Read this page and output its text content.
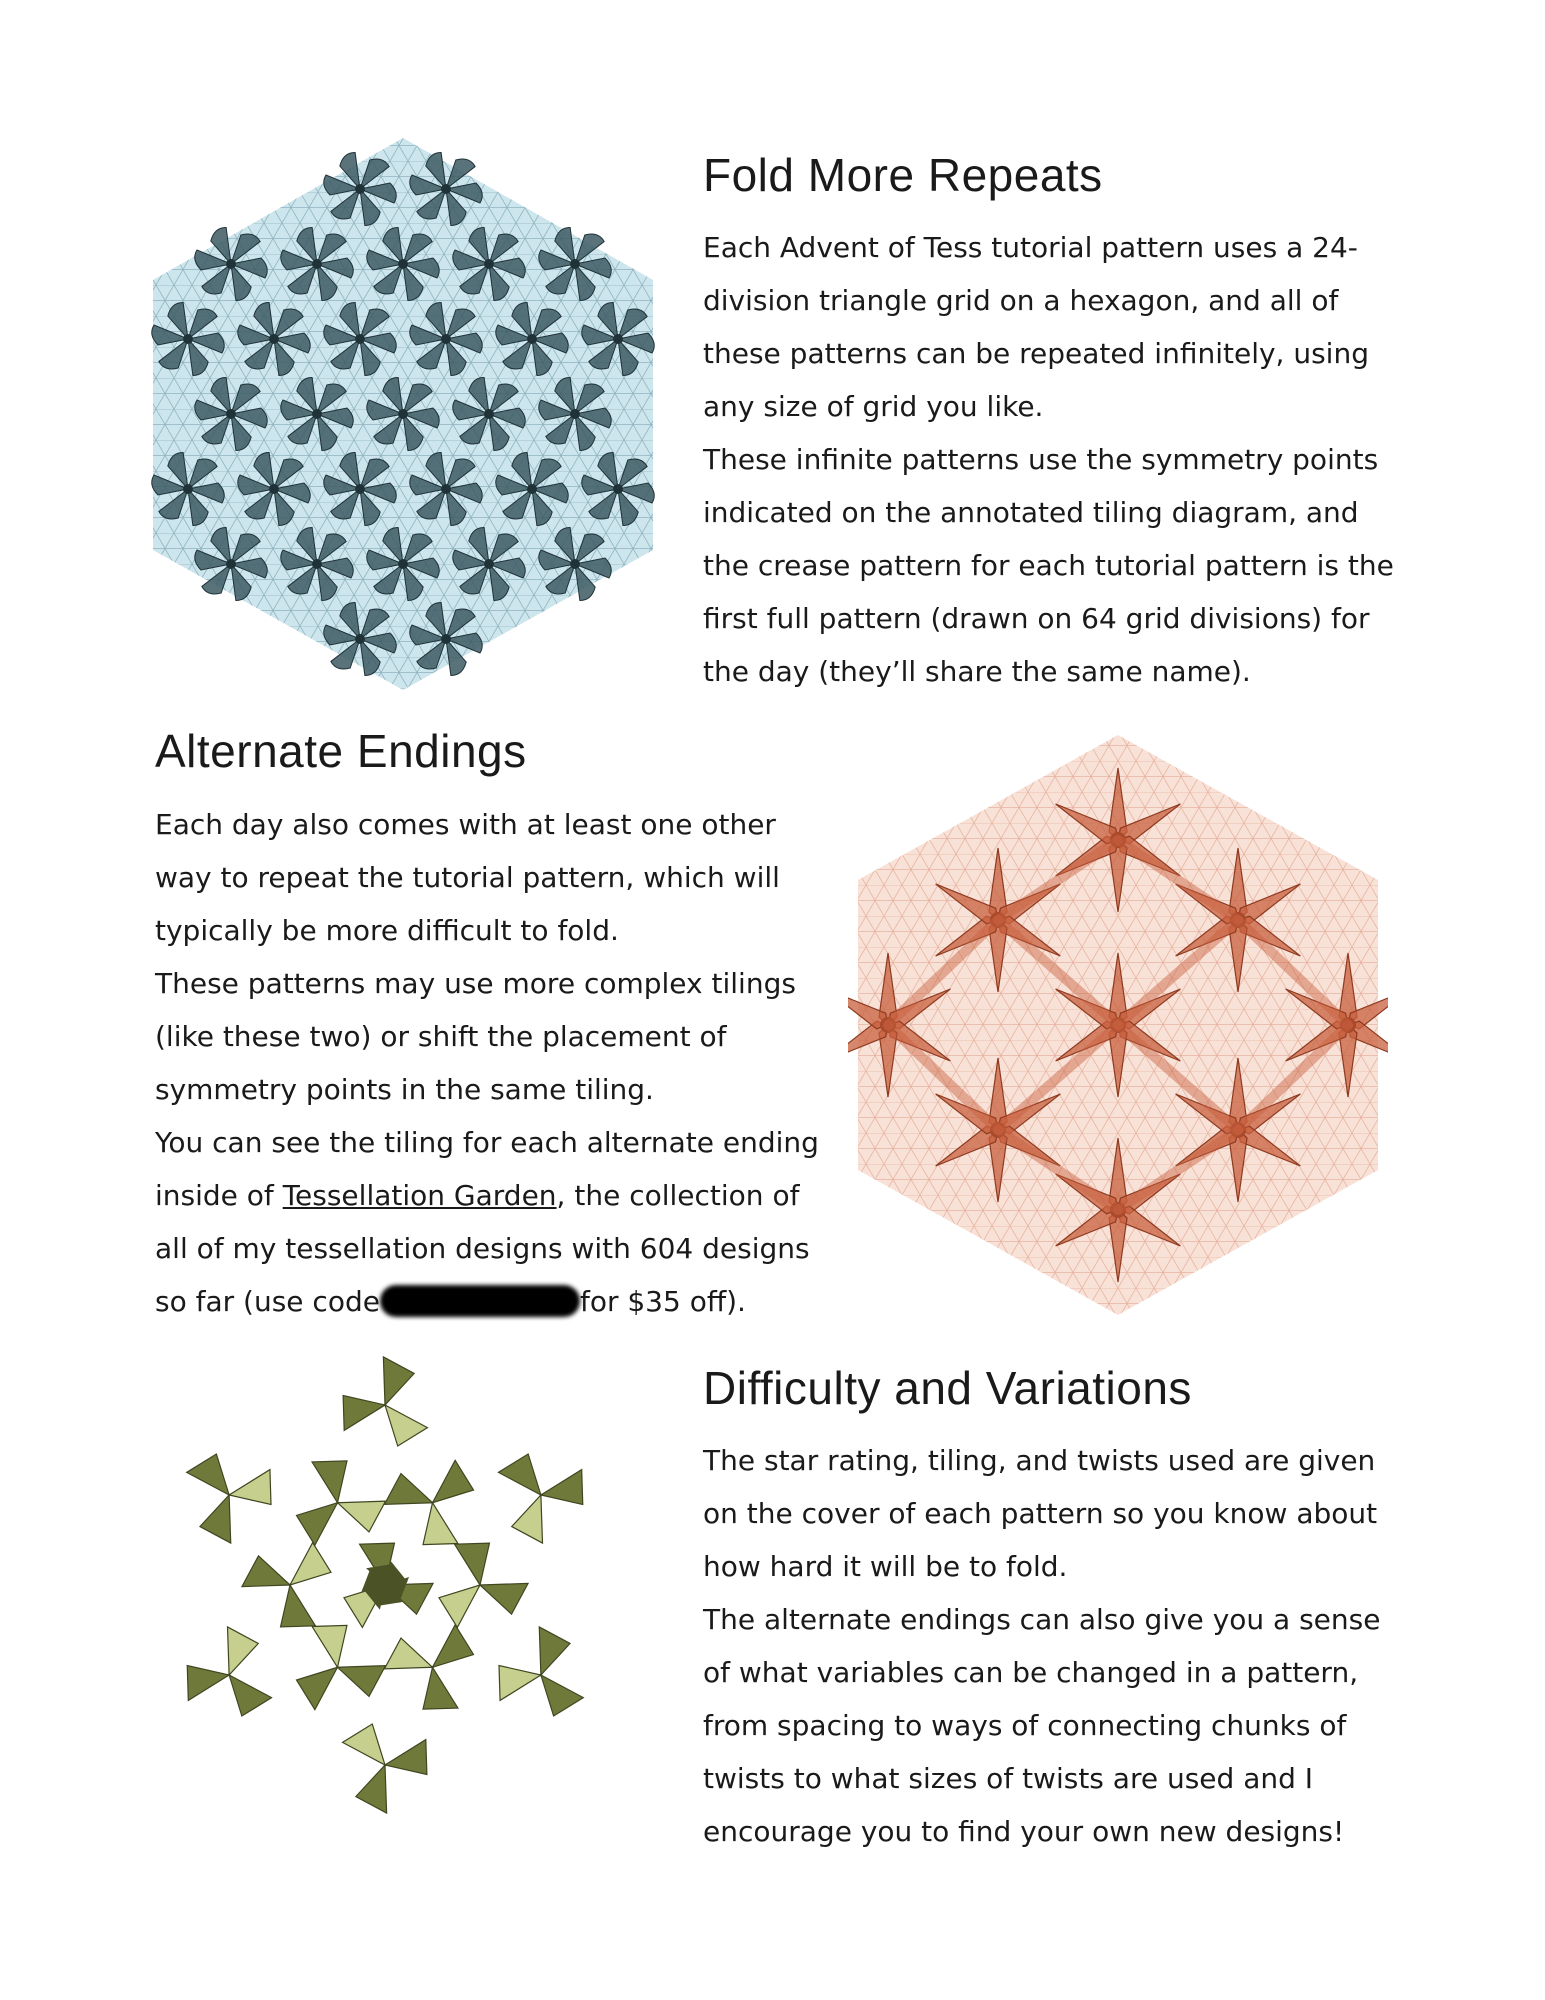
Fold More Repeats

Each Advent of Tess tutorial pattern uses a 24-division triangle grid on a hexagon, and all of these patterns can be repeated infinitely, using any size of grid you like.

These infinite patterns use the symmetry points indicated on the annotated tiling diagram, and the crease pattern for each tutorial pattern is the first full pattern (drawn on 64 grid divisions) for the day (they’ll share the same name).

Alternate Endings

Each day also comes with at least one other way to repeat the tutorial pattern, which will typically be more difficult to fold.

These patterns may use more complex tilings (like these two) or shift the placement of symmetry points in the same tiling.

You can see the tiling for each alternate ending inside of Tessellation Garden, the collection of all of my tessellation designs with 604 designs so far (use code	for $35 off).

Difficulty and Variations

The star rating, tiling, and twists used are given on the cover of each pattern so you know about how hard it will be to fold.

The alternate endings can also give you a sense of what variables can be changed in a pattern, from spacing to ways of connecting chunks of twists to what sizes of twists are used and I encourage you to find your own new designs!
